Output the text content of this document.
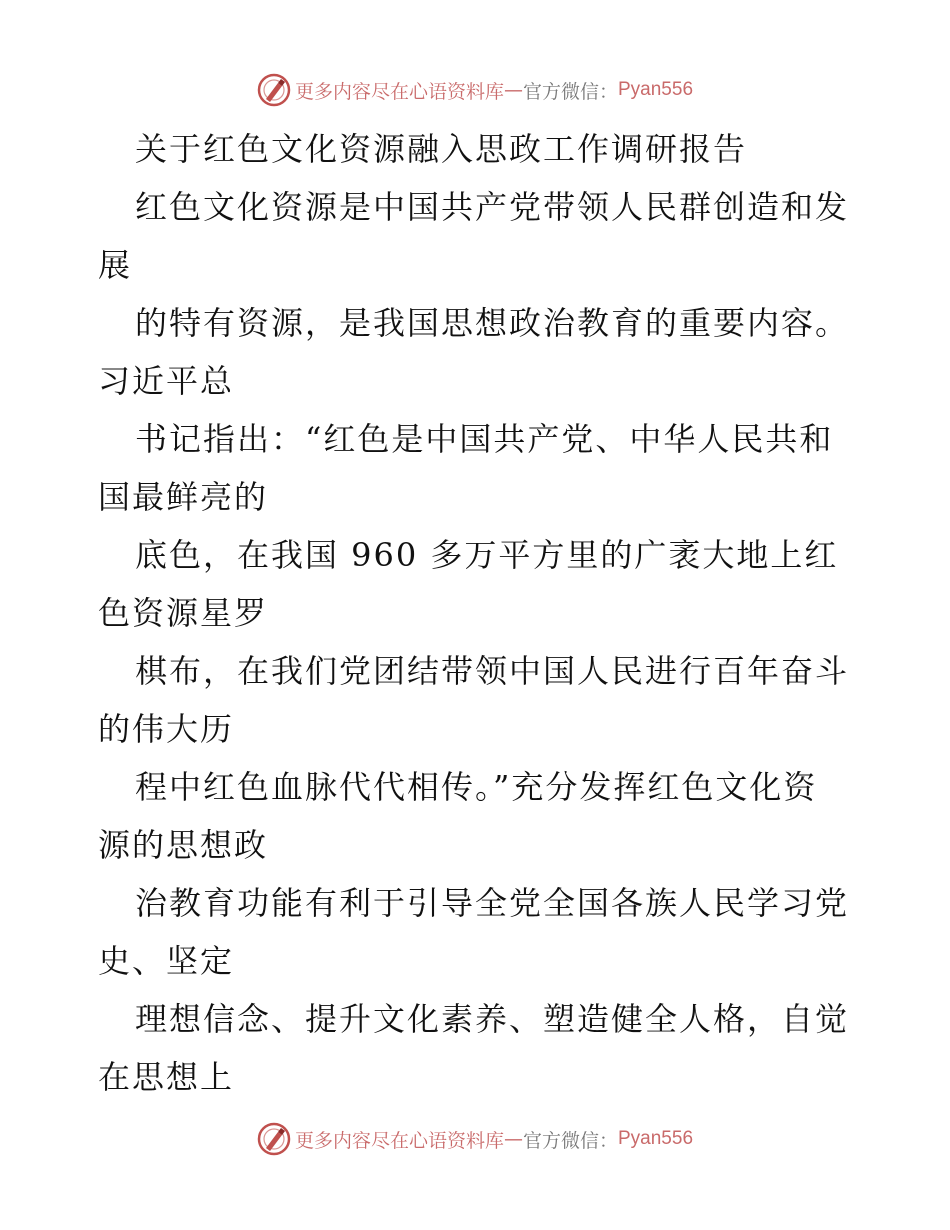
更多内容尽在心语资料库 — 官方微信： Pyan556
关于红色文化资源融入思政工作调研报告
红色文化资源是中国共产党带领人民群创造和发
展
的特有资源，是我国思想政治教育的重要内容。
习近平总
书记指出：“红色是中国共产党、中华人民共和
国最鲜亮的
底色，在我国 960 多万平方里的广袤大地上红
色资源星罗
棋布，在我们党团结带领中国人民进行百年奋斗
的伟大历
程中红色血脉代代相传。”充分发挥红色文化资
源的思想政
治教育功能有利于引导全党全国各族人民学习党
史、坚定
理想信念、提升文化素养、塑造健全人格，自觉
在思想上
更多内容尽在心语资料库 — 官方微信： Pyan556
